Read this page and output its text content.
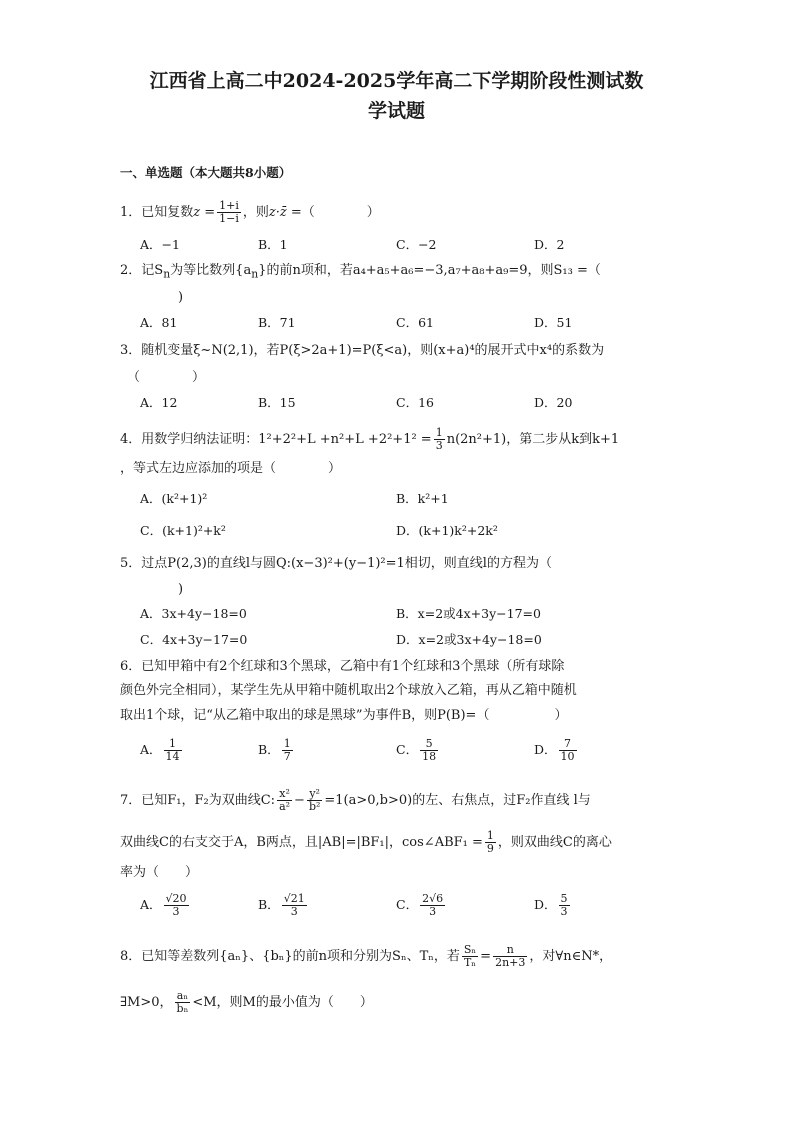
江西省上高二中2024-2025学年高二下学期阶段性测试数
学试题
一、单选题（本大题共8小题）
1．已知复数$z = \frac{1+i}{1-i}$ ，则z·z̄ =（　　　　）
A．−1	B．1	C．−2	D．2
2．记$S_n$为等比数列$\{a_n\}$的前n项和，若a₄+a₅+a₆=−3,a₇+a₈+a₉=9，则S₁₃ =（
)
A．81	B．71	C．61	D．51
3．随机变量ξ~N(2,1)，若P(ξ>2a+1)=P(ξ<a)，则(x+a)⁴的展开式中x⁴的系数为
（　　　　）
A．12	B．15	C．16	D．20
4．用数学归纳法证明：$1^2+2^2+L +n^2+L +2^2+1^2 = \frac{1}{3} n(2n^2+1)$，第二步从k到k+1
，等式左边应添加的项是（　　　　）
A．(k²+1)²	B．k²+1
C．(k+1)²+k²	D．(k+1)k²+2k²
5．过点P(2,3)的直线l与圆Q:(x−3)²+(y−1)²=1相切，则直线l的方程为（
)
A．3x+4y−18=0	B．x=2或4x+3y−17=0
C．4x+3y−17=0	D．x=2或3x+4y−18=0
6．已知甲箱中有2个红球和3个黑球，乙箱中有1个红球和3个黑球（所有球除
颜色外完全相同），某学生先从甲箱中随机取出2个球放入乙箱，再从乙箱中随机
取出1个球，记“从乙箱中取出的球是黑球”为事件B，则P(B)=（　　　　　）
A． $\frac{1}{14}$	B． $\frac{1}{7}$	C． $\frac{5}{18}$	D． $\frac{7}{10}$
7．已知F₁，F₂为双曲线C: $\frac{\text{x²}}{\text{a²}} - \frac{\text{y²}}{\text{b²}} =1(a>0,b>0)$的左、右焦点，过F₂作直线 l与
双曲线C的右支交于A，B两点，且|AB|=|BF₁|，cos∠ABF₁ = $\frac{1}{9}$ ，则双曲线C的离心
率为（　　）
A． $\frac{√20}{3}$	B． $\frac{√21}{3}$	C． $\frac{2√6}{3}$	D． $\frac{5}{3}$
8．已知等差数列{aₙ}、{bₙ}的前n项和分别为Sₙ、Tₙ，若 $\frac{\text{Sₙ}}{\text{Tₙ}} = \frac{n}{2n+3}$ ，对∀n∈N*，
∃M>0， $\frac{\text{aₙ}}{\text{bₙ}} <M$，则M的最小值为（　　）
